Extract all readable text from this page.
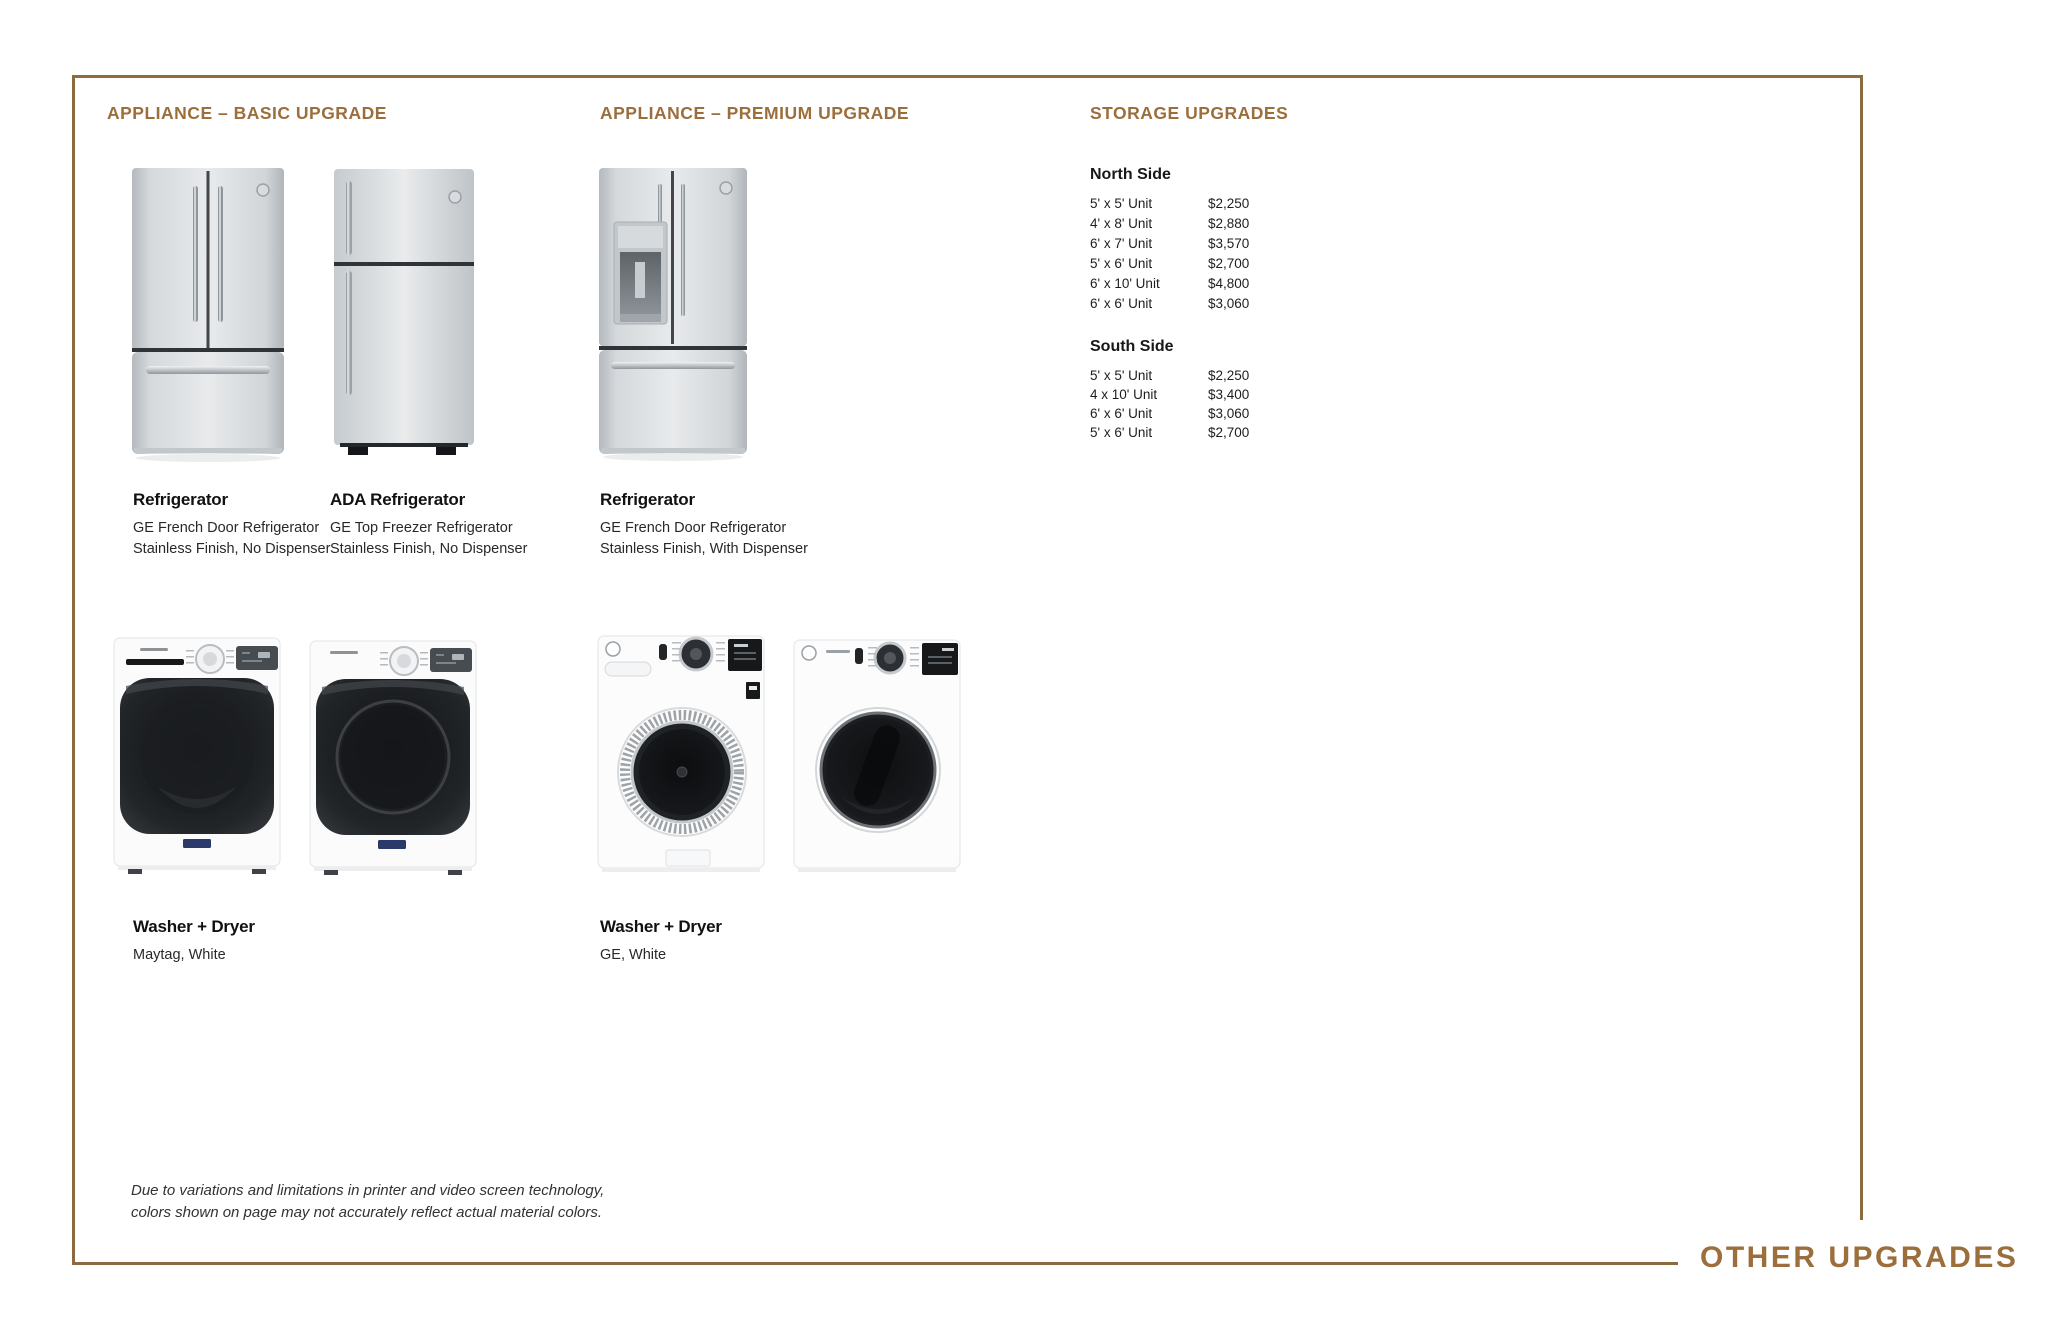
APPLIANCE – BASIC UPGRADE	APPLIANCE – PREMIUM UPGRADE	STORAGE UPGRADES
Refrigerator
GE French Door Refrigerator
Stainless Finish, No Dispenser
ADA Refrigerator
GE Top Freezer Refrigerator
Stainless Finish, No Dispenser
Refrigerator
GE French Door Refrigerator
Stainless Finish, With Dispenser
Washer + Dryer
Maytag, White
Washer + Dryer
GE, White
North Side
5' x 5' Unit	$2,250
4' x 8' Unit	$2,880
6' x 7' Unit	$3,570
5' x 6' Unit	$2,700
6' x 10' Unit	$4,800
6' x 6' Unit	$3,060
South Side
5' x 5' Unit	$2,250
4 x 10' Unit	$3,400
6' x 6' Unit	$3,060
5' x 6' Unit	$2,700
Due to variations and limitations in printer and video screen technology,
colors shown on page may not accurately reflect actual material colors.
OTHER UPGRADES
